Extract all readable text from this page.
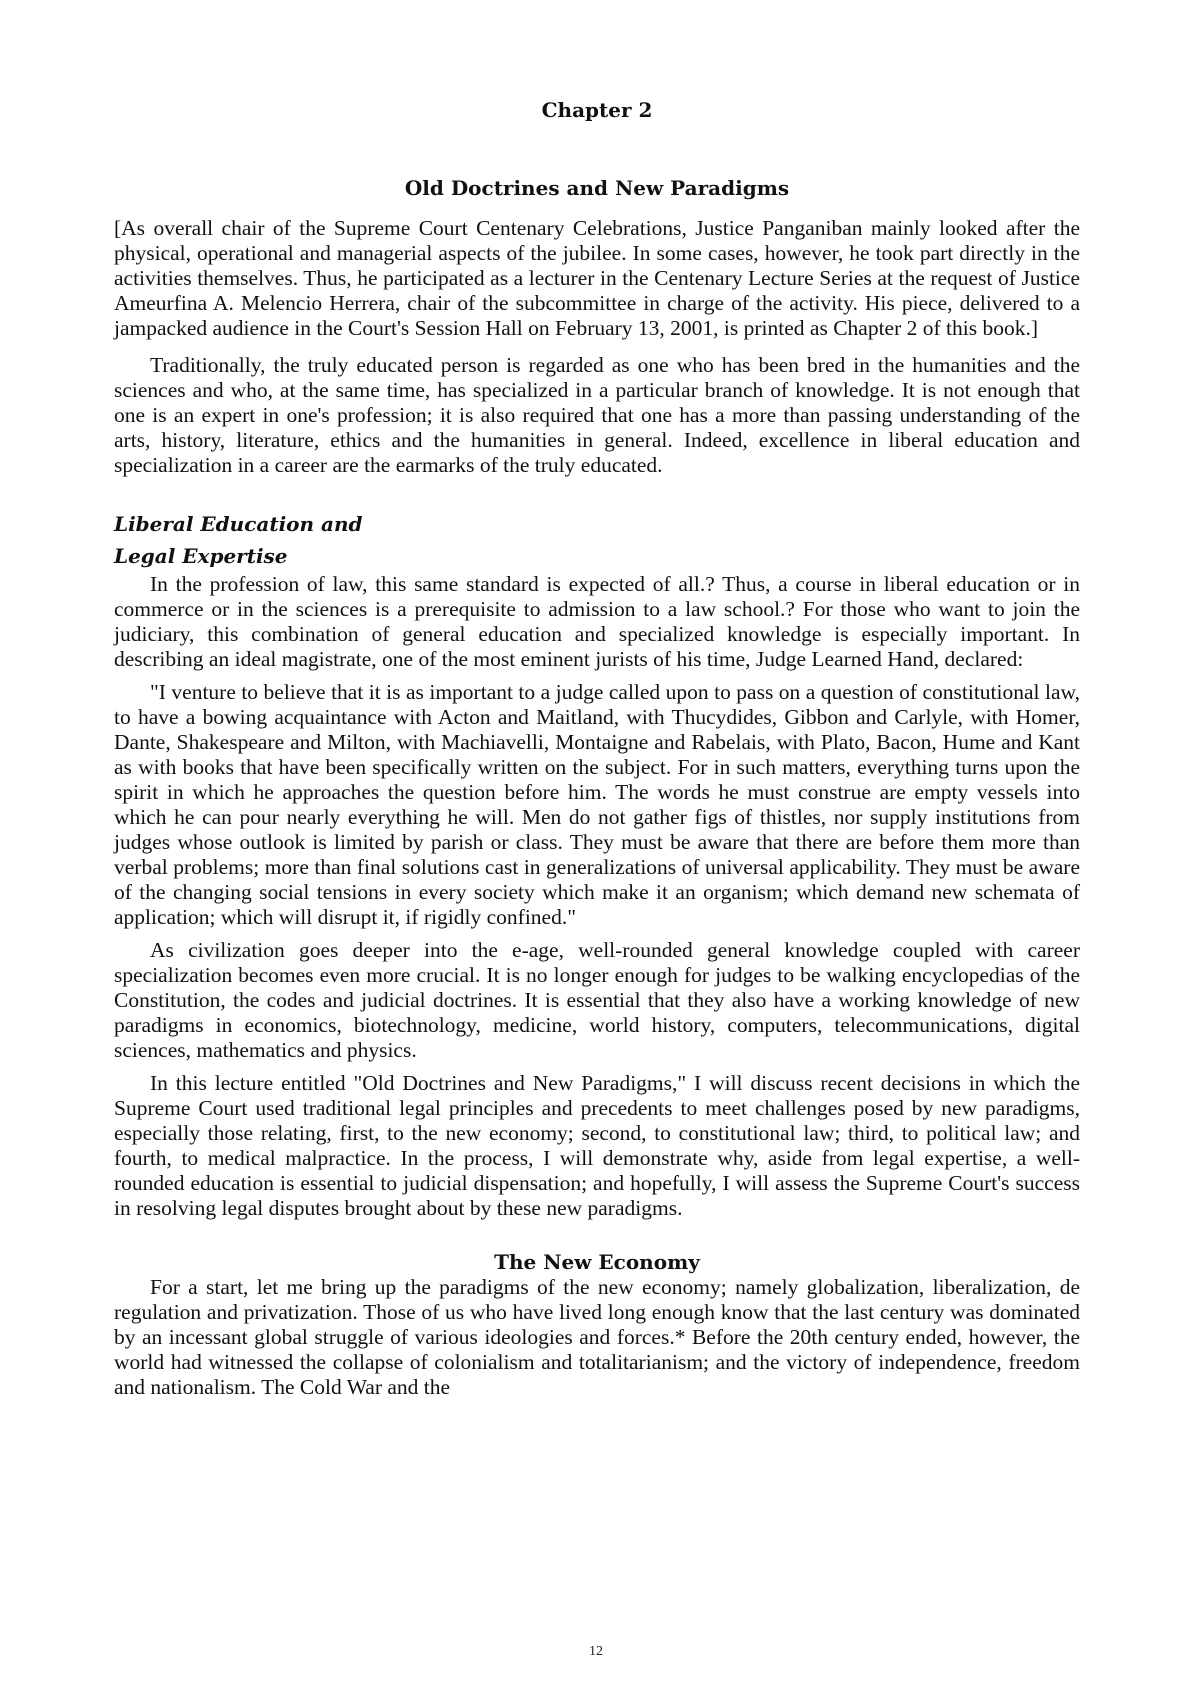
Chapter 2
Old Doctrines and New Paradigms

[As overall chair of the Supreme Court Centenary Celebrations, Justice Panganiban mainly looked after the physical, operational and managerial aspects of the jubilee. In some cases, however, he took part directly in the activities themselves. Thus, he participated as a lecturer in the Centenary Lecture Series at the request of Justice Ameurfina A. Melencio Herrera, chair of the subcommittee in charge of the activity. His piece, delivered to a jampacked audience in the Court's Session Hall on February 13, 2001, is printed as Chapter 2 of this book.]

Traditionally, the truly educated person is regarded as one who has been bred in the humanities and the sciences and who, at the same time, has specialized in a particular branch of knowledge. It is not enough that one is an expert in one's profession; it is also required that one has a more than passing understanding of the arts, history, literature, ethics and the humanities in general. Indeed, excellence in liberal education and specialization in a career are the earmarks of the truly educated.

Liberal Education and
Legal Expertise

In the profession of law, this same standard is expected of all.? Thus, a course in liberal education or in commerce or in the sciences is a prerequisite to admission to a law school.? For those who want to join the judiciary, this combination of general education and specialized knowledge is especially important. In describing an ideal magistrate, one of the most eminent jurists of his time, Judge Learned Hand, declared:

"I venture to believe that it is as important to a judge called upon to pass on a question of constitutional law, to have a bowing acquaintance with Acton and Maitland, with Thucydides, Gibbon and Carlyle, with Homer, Dante, Shakespeare and Milton, with Machiavelli, Montaigne and Rabelais, with Plato, Bacon, Hume and Kant as with books that have been specifically written on the subject. For in such matters, everything turns upon the spirit in which he approaches the question before him. The words he must construe are empty vessels into which he can pour nearly everything he will. Men do not gather figs of thistles, nor supply institutions from judges whose outlook is limited by parish or class. They must be aware that there are before them more than verbal problems; more than final solutions cast in generalizations of universal applicability. They must be aware of the changing social tensions in every society which make it an organism; which demand new schemata of application; which will disrupt it, if rigidly confined."

As civilization goes deeper into the e-age, well-rounded general knowledge coupled with career specialization becomes even more crucial. It is no longer enough for judges to be walking encyclopedias of the Constitution, the codes and judicial doctrines. It is essential that they also have a working knowledge of new paradigms in economics, biotechnology, medicine, world history, computers, telecommunications, digital sciences, mathematics and physics.

In this lecture entitled "Old Doctrines and New Paradigms," I will discuss recent decisions in which the Supreme Court used traditional legal principles and precedents to meet challenges posed by new paradigms, especially those relating, first, to the new economy; second, to constitutional law; third, to political law; and fourth, to medical malpractice. In the process, I will demonstrate why, aside from legal expertise, a well-rounded education is essential to judicial dispensation; and hopefully, I will assess the Supreme Court's success in resolving legal disputes brought about by these new paradigms.

The New Economy

For a start, let me bring up the paradigms of the new economy; namely globalization, liberalization, de regulation and privatization. Those of us who have lived long enough know that the last century was dominated by an incessant global struggle of various ideologies and forces.* Before the 20th century ended, however, the world had witnessed the collapse of colonialism and totalitarianism; and the victory of independence, freedom and nationalism. The Cold War and the

12
